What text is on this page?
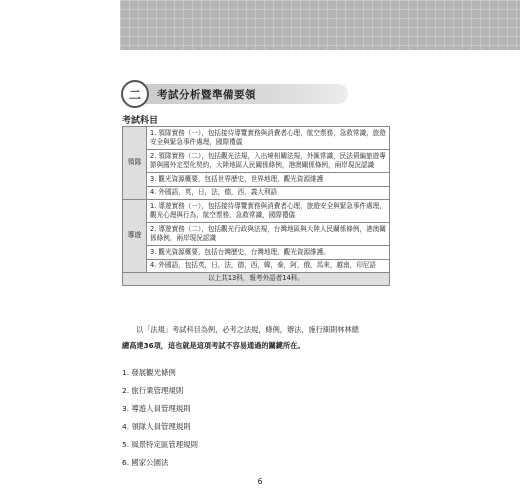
二 考試分析暨準備要領
考試科目
領隊	1. 領隊實務（一），包括接待導覽實務與消費者心理，航空票務，急救常識，旅遊安全與緊急事件處理，國際禮儀

	2. 領隊實務（二），包括觀光法規，入出境相關法規，外匯常識，民法債編旅遊專節與國外定型化契約，大陸地區人民關係條例，港澳關係條例，兩岸現況認識

	3. 觀光資源概要，包括世界歷史，世界地理，觀光資源維護

	4. 外國語，英，日，法，德，西，義大利語

導遊	1. 導遊實務（一），包括接待導覽實務與消費者心理，旅遊安全與緊急事件處理，觀光心理與行為，航空票務，急救常識，國際禮儀

	2. 導遊實務（二），包括觀光行政與法規，台灣地區與大陸人民關係條例，港澳關係條例，兩岸現況認識

	3. 觀光資源概要，包括台灣歷史，台灣地理，觀光資源維護。

	4. 外國語，包括英，日，法，德，西，韓，泰，阿，俄，馬來，越南，印尼語

以上共13科，報考外語者14科。	

以「法規」考試科目為例，必考之法規，條例，辦法，施行細則林林總

總高達36項，這也就是這項考試不容易通過的關鍵所在。

1. 發展觀光條例
2. 旅行業管理規則
3. 導遊人員管理規則
4. 領隊人員管理規則
5. 風景特定區管理規則
6. 國家公園法
6
